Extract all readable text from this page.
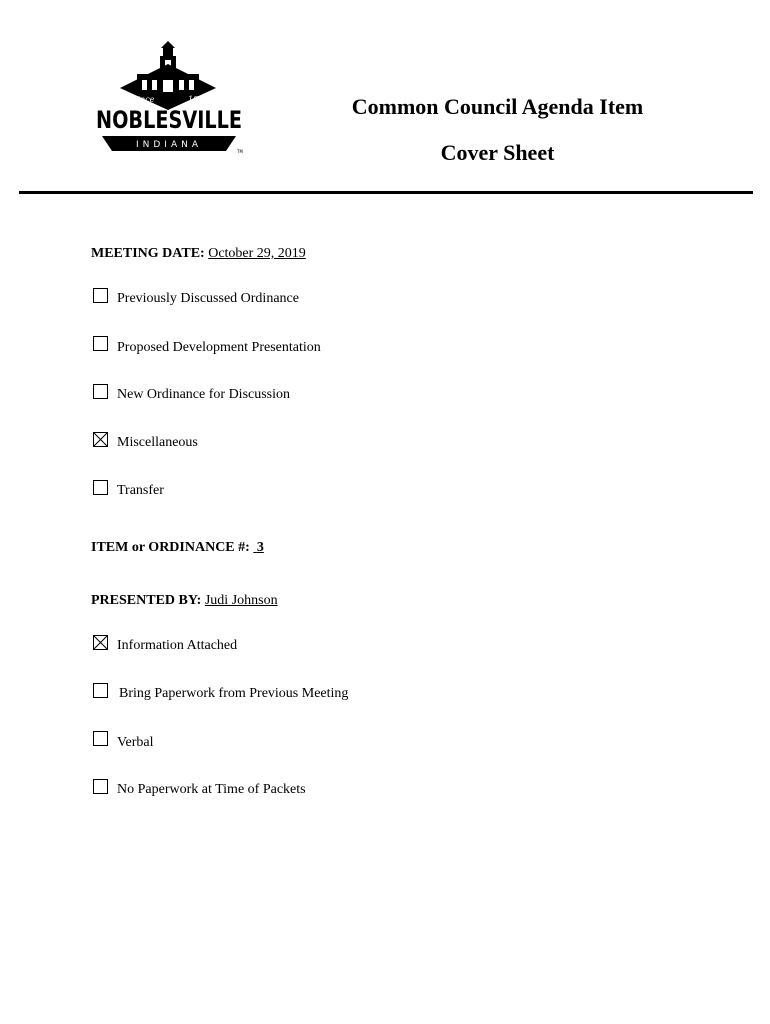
Since	1823
NOBLESVILLE
INDIANA
TM
Common Council Agenda Item
Cover Sheet
MEETING DATE: October 29, 2019
Previously Discussed Ordinance
Proposed Development Presentation
New Ordinance for Discussion
Miscellaneous
Transfer
ITEM or ORDINANCE #: 3
PRESENTED BY: Judi Johnson
Information Attached
Bring Paperwork from Previous Meeting
Verbal
No Paperwork at Time of Packets
